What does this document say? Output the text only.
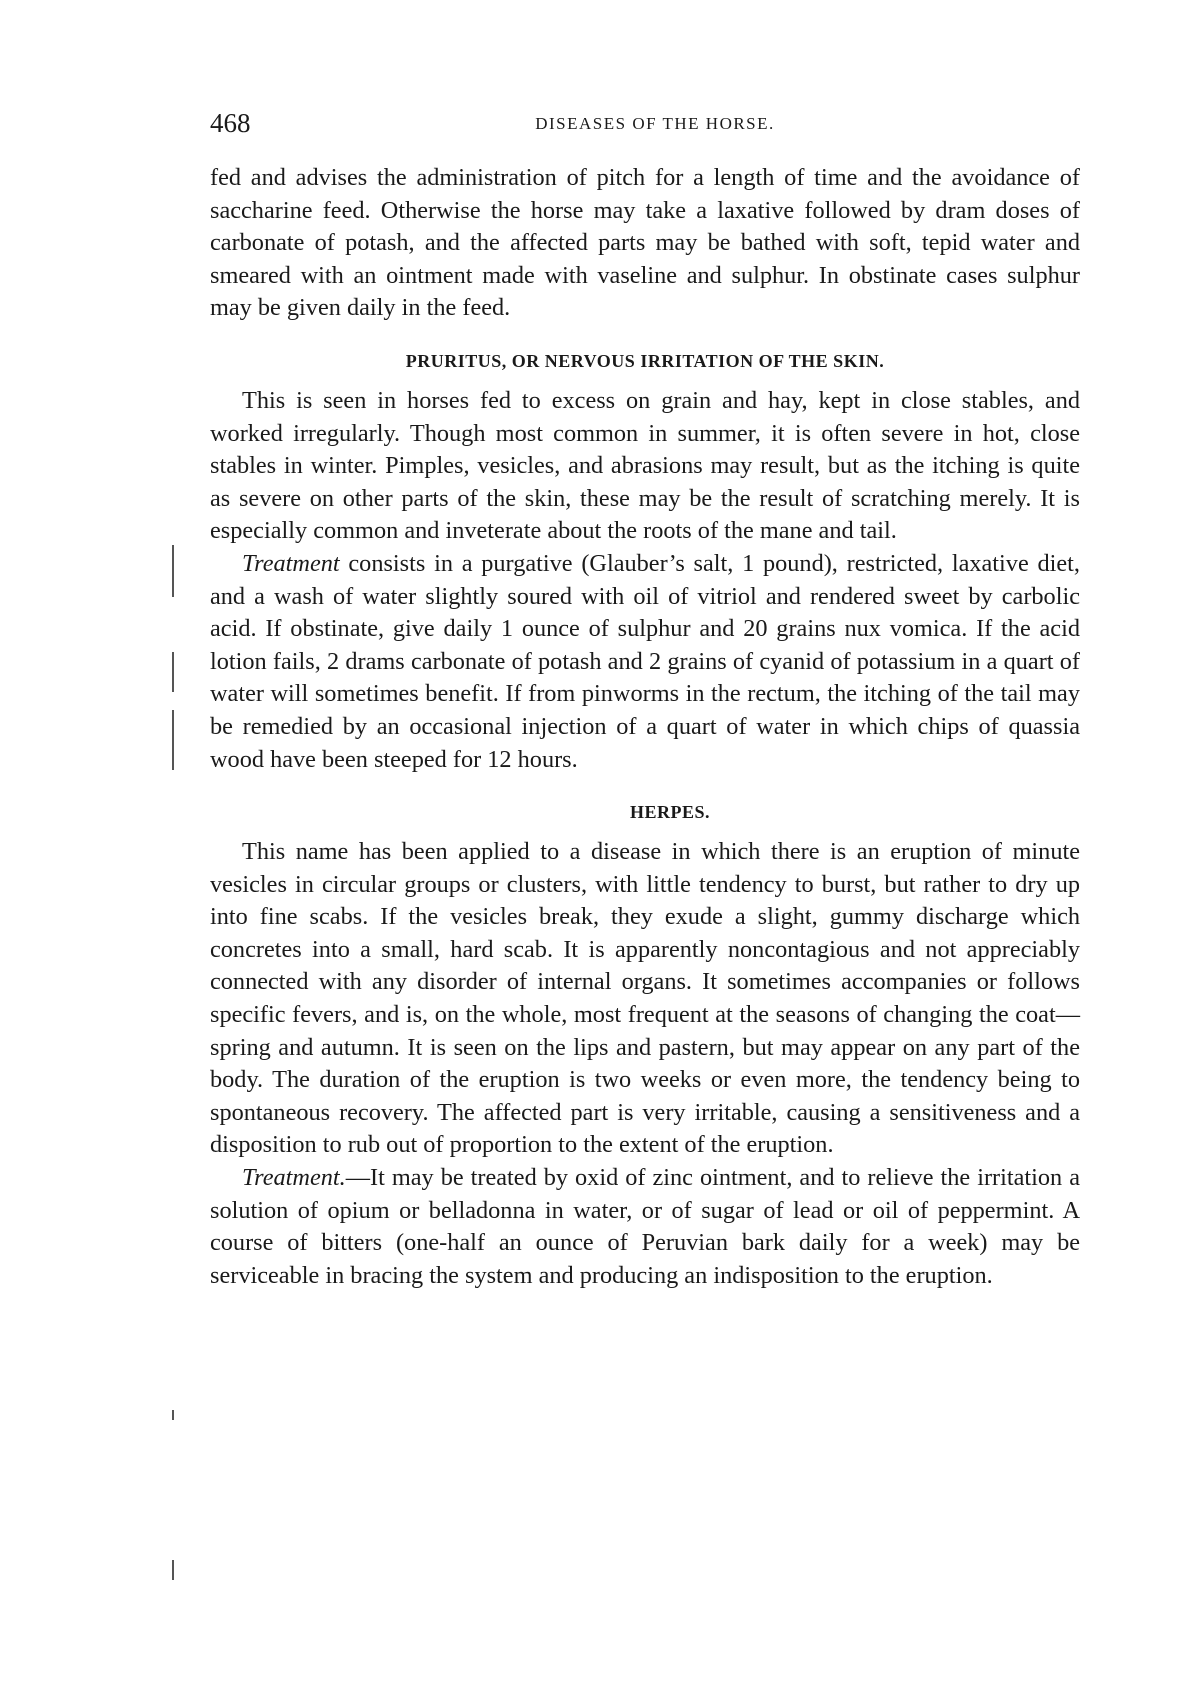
468	DISEASES OF THE HORSE.

fed and advises the administration of pitch for a length of time and the avoidance of saccharine feed. Otherwise the horse may take a laxative followed by dram doses of carbonate of potash, and the affected parts may be bathed with soft, tepid water and smeared with an ointment made with vaseline and sulphur. In obstinate cases sulphur may be given daily in the feed.

PRURITUS, OR NERVOUS IRRITATION OF THE SKIN.

This is seen in horses fed to excess on grain and hay, kept in close stables, and worked irregularly. Though most common in summer, it is often severe in hot, close stables in winter. Pimples, vesicles, and abrasions may result, but as the itching is quite as severe on other parts of the skin, these may be the result of scratching merely. It is especially common and inveterate about the roots of the mane and tail.

Treatment consists in a purgative (Glauber’s salt, 1 pound), restricted, laxative diet, and a wash of water slightly soured with oil of vitriol and rendered sweet by carbolic acid. If obstinate, give daily 1 ounce of sulphur and 20 grains nux vomica. If the acid lotion fails, 2 drams carbonate of potash and 2 grains of cyanid of potassium in a quart of water will sometimes benefit. If from pinworms in the rectum, the itching of the tail may be remedied by an occasional injection of a quart of water in which chips of quassia wood have been steeped for 12 hours.

HERPES.

This name has been applied to a disease in which there is an eruption of minute vesicles in circular groups or clusters, with little tendency to burst, but rather to dry up into fine scabs. If the vesicles break, they exude a slight, gummy discharge which concretes into a small, hard scab. It is apparently noncontagious and not appreciably connected with any disorder of internal organs. It sometimes accompanies or follows specific fevers, and is, on the whole, most frequent at the seasons of changing the coat—spring and autumn. It is seen on the lips and pastern, but may appear on any part of the body. The duration of the eruption is two weeks or even more, the tendency being to spontaneous recovery. The affected part is very irritable, causing a sensitiveness and a disposition to rub out of proportion to the extent of the eruption.

Treatment.—It may be treated by oxid of zinc ointment, and to relieve the irritation a solution of opium or belladonna in water, or of sugar of lead or oil of peppermint. A course of bitters (one-half an ounce of Peruvian bark daily for a week) may be serviceable in bracing the system and producing an indisposition to the eruption.
